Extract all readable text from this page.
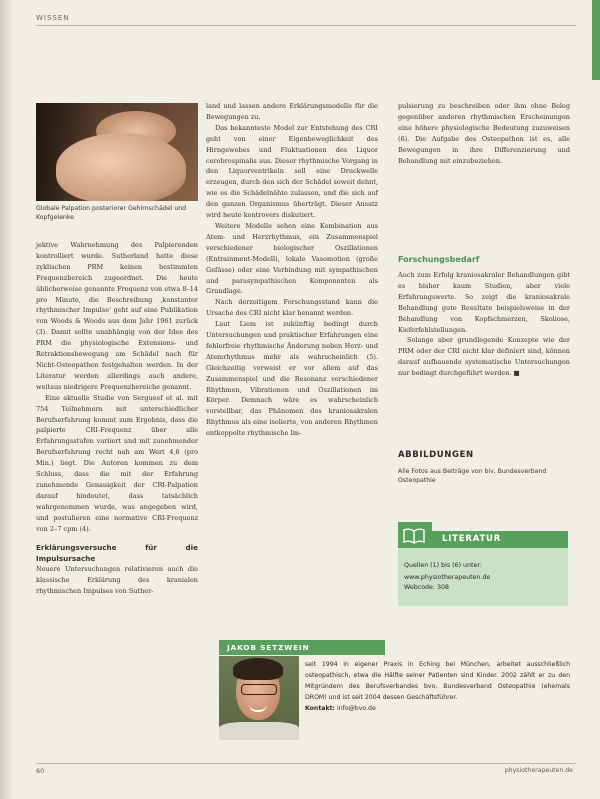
WISSEN
Globale Palpation posteriorer Gehirnschädel und Kopfgelenke

jektive Wahrnehmung des Palpierenden kontrolliert wurde. Sutherland hatte diese zyklischen PRM keinen bestimmten Frequenzbereich zugeordnet. Die heute üblicherweise genannte Frequenz von etwa 8–14 pro Minute, die Beschreibung ,konstanter rhythmischer Impulse' geht auf eine Publikation von Woods & Woods aus dem Jahr 1961 zurück (3). Damit sollte unabhängig von der Idee des PRM die physiologische Extensions- und Retraktionsbewegung am Schädel nach für Nicht-Osteopathen festgehalten werden. In der Literatur werden allerdings auch andere, weitaus niedrigere Frequenzbereiche genannt.

Eine aktuelle Studie von Sergueef et al. mit 754 Teilnehmern mit unterschiedlicher Berufserfahrung kommt zum Ergebnis, dass die palpierte CRI-Frequenz über alle Erfahrungsstufen variiert und mit zunehmender Berufserfahrung recht nah am Wert 4,8 (pro Min.) liegt. Die Autoren kommen zu dem Schluss, dass die mit der Erfahrung zunehmende Genauigkeit der CRI-Palpation darauf hindeutet, dass tatsächlich wahrgenommen wurde, was angegeben wird, und postulieren eine normative CRI-Frequenz von 2–7 cpm (4).

Erklärungsversuche für die Impulsursache

Neuere Untersuchungen relativieren auch die klassische Erklärung des kranialen rhythmischen Impulses von Suther-

land und lassen andere Erklärungsmodelle für die Bewegungen zu.

Das bekannteste Model zur Entstehung des CRI geht von einer Eigenbeweglichkeit des Hirngewebes und Fluktuationen des Liquor cerebrospinalis aus. Dieser rhythmische Vorgang in den Liquorventrikeln soll eine Druckwelle erzeugen, durch den sich der Schädel soweit dehnt, wie es die Schädelnähte zulassen, und die sich auf den ganzen Organismus überträgt. Dieser Ansatz wird heute kontrovers diskutiert.

Weitere Modelle sehen eine Kombination aus Atem- und Herzrhythmus, ein Zusammenspiel verschiedener biologischer Oszillationen (Entrainment-Modell), lokale Vasomotion (große Gefässe) oder eine Verbindung mit sympathischen und parasympathischen Komponenten als Grundlage.

Nach derzeitigem Forschungsstand kann die Ursache des CRI nicht klar benannt werden.

Laut Liem ist zukünftig bedingt durch Untersuchungen und praktischer Erfahrungen eine fehlerfreie rhythmische Änderung neben Herz- und Atemrhythmus mehr als wahrscheinlich (5). Gleichzeitig verweist er vor allem auf das Zusammenspiel und die Resonanz verschiedener Rhythmen, Vibrationen und Oszillationen im Körper. Demnach wäre es wahrscheinlich vorstellbar, das Phänomen des kraniosakralen Rhythmus als eine isolierte, von anderen Rhythmen entkoppelte rhythmische Im-

pulsierung zu beschreiben oder ihm ohne Beleg gegenüber anderen rhythmischen Erscheinungen eine höhere physiologische Bedeutung zuzuweisen (6). Die Aufgabe des Osteopathen ist es, alle Bewegungen in ihre Differenzierung und Behandlung mit einzubeziehen.

Forschungsbedarf

Auch zum Erfolg kraniosakraler Behandlungen gibt es bisher kaum Studien, aber viele Erfahrungswerte. So zeigt die kraniosakrale Behandlung gute Resultate beispielsweise in der Behandlung von Kopfschmerzen, Skoliose, Kieferfehlstellungen.

Solange aber grundlegende Konzepte wie der PRM oder der CRI nicht klar definiert sind, können darauf aufbauende systematische Untersuchungen nur bedingt durchgeführt werden. ■

ABBILDUNGEN
Alle Fotos aus Beiträge von biv, Bundesverband Osteopathie
LITERATUR
Quellen (1) bis (6) unter:
www.physiotherapeuten.de
Webcode: 308
JAKOB SETZWEIN
seit 1994 in eigener Praxis in Eching bei München, arbeitet ausschließlich osteopathisch, etwa die Hälfte seiner Patienten sind Kinder. 2002 zählt er zu den Mitgründern des Berufsverbandes bvo, Bundesverband Osteopathie (ehemals DROM) und ist seit 2004 dessen Geschäftsführer.
Kontakt: info@bvo.de
60	physiotherapeuten.de
